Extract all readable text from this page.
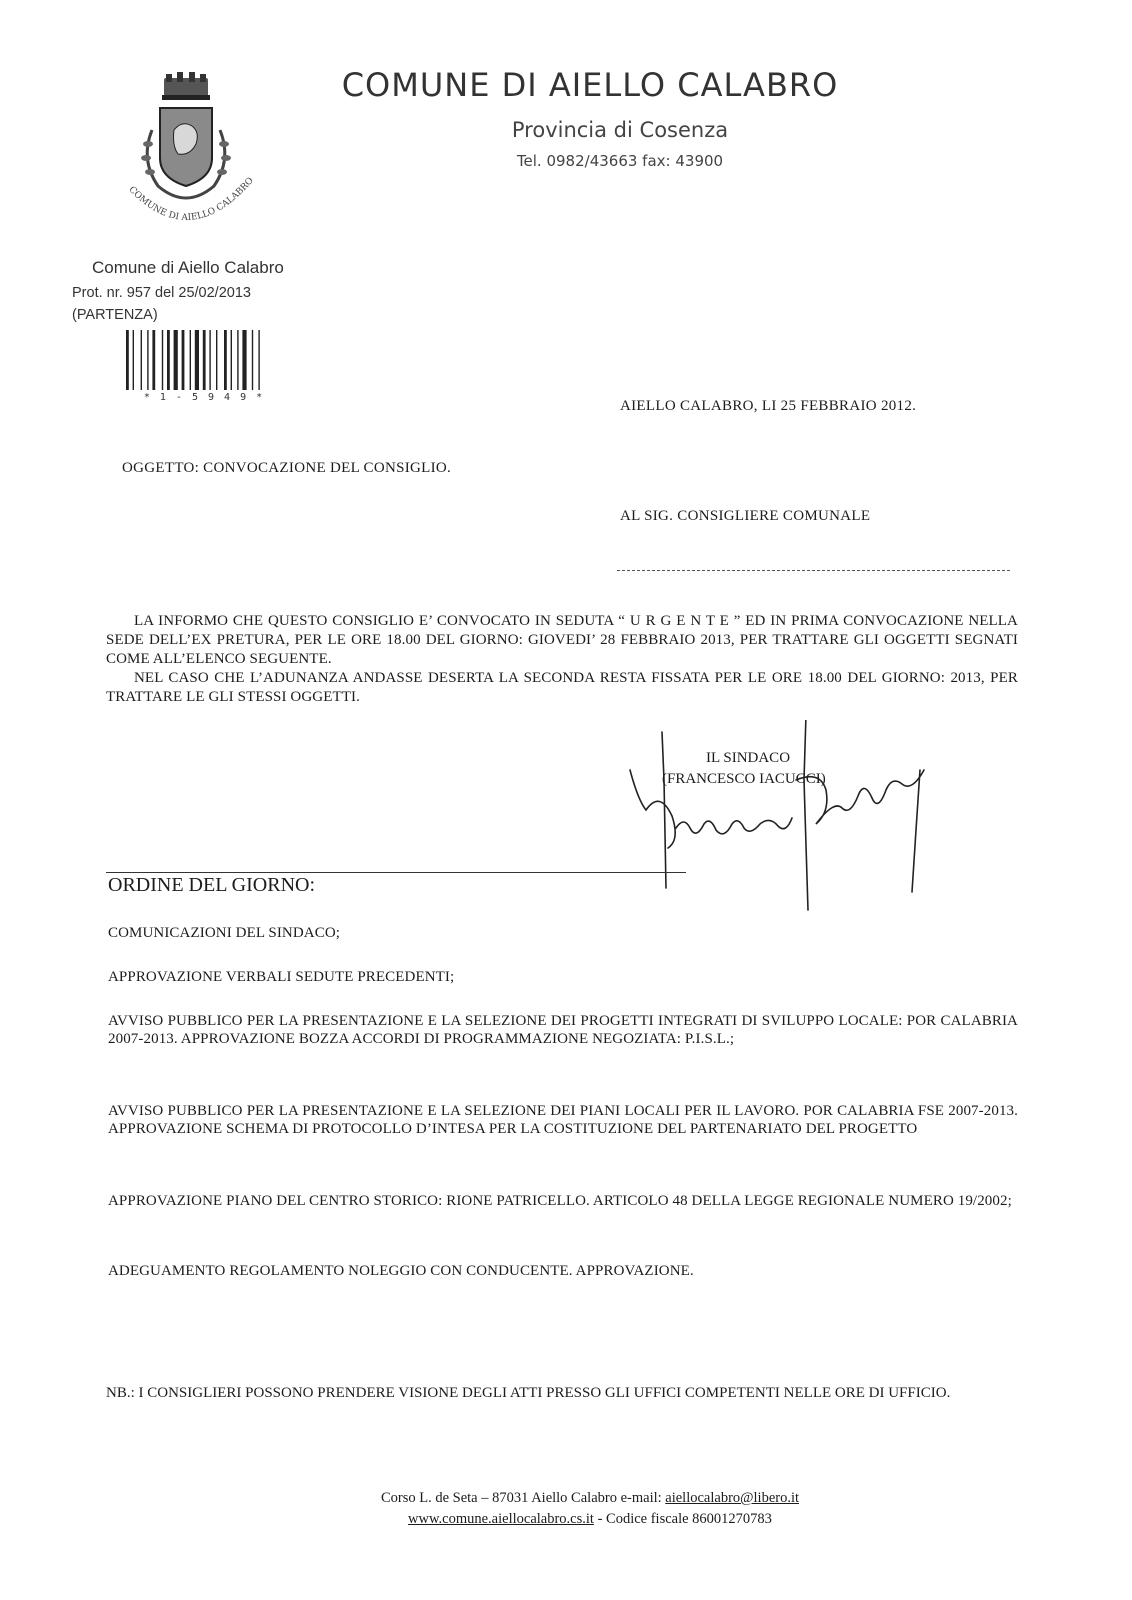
COMUNE DI AIELLO CALABRO
COMUNE DI AIELLO CALABRO
Provincia di Cosenza
Tel. 0982/43663 fax: 43900
Comune di Aiello Calabro
Prot. nr. 957 del 25/02/2013
(PARTENZA)
* 1 - 5 9 4 9 *
AIELLO CALABRO, LI 25 FEBBRAIO 2012.
OGGETTO: CONVOCAZIONE DEL CONSIGLIO.
AL SIG. CONSIGLIERE COMUNALE

LA INFORMO CHE QUESTO CONSIGLIO E’ CONVOCATO IN SEDUTA “ U R G E N T E ” ED IN PRIMA CONVOCAZIONE NELLA SEDE DELL’EX PRETURA, PER LE ORE 18.00 DEL GIORNO: GIOVEDI’ 28 FEBBRAIO 2013, PER TRATTARE GLI OGGETTI SEGNATI COME ALL’ELENCO SEGUENTE.

NEL CASO CHE L’ADUNANZA ANDASSE DESERTA LA SECONDA RESTA FISSATA PER LE ORE 18.00 DEL GIORNO: 2013, PER TRATTARE LE GLI STESSI OGGETTI.

IL SINDACO
(FRANCESCO IACUCCI)
ORDINE DEL GIORNO:
COMUNICAZIONI DEL SINDACO;
APPROVAZIONE VERBALI SEDUTE PRECEDENTI;
AVVISO PUBBLICO PER LA PRESENTAZIONE E LA SELEZIONE DEI PROGETTI INTEGRATI DI SVILUPPO LOCALE: POR CALABRIA 2007-2013. APPROVAZIONE BOZZA ACCORDI DI PROGRAMMAZIONE NEGOZIATA: P.I.S.L.;
AVVISO PUBBLICO PER LA PRESENTAZIONE E LA SELEZIONE DEI PIANI LOCALI PER IL LAVORO. POR CALABRIA FSE 2007-2013. APPROVAZIONE SCHEMA DI PROTOCOLLO D’INTESA PER LA COSTITUZIONE DEL PARTENARIATO DEL PROGETTO
APPROVAZIONE PIANO DEL CENTRO STORICO: RIONE PATRICELLO. ARTICOLO 48 DELLA LEGGE REGIONALE NUMERO 19/2002;
ADEGUAMENTO REGOLAMENTO NOLEGGIO CON CONDUCENTE. APPROVAZIONE.
NB.: I CONSIGLIERI POSSONO PRENDERE VISIONE DEGLI ATTI PRESSO GLI UFFICI COMPETENTI NELLE ORE DI UFFICIO.
Corso L. de Seta – 87031 Aiello Calabro e-mail: aiellocalabro@libero.it
www.comune.aiellocalabro.cs.it - Codice fiscale 86001270783
